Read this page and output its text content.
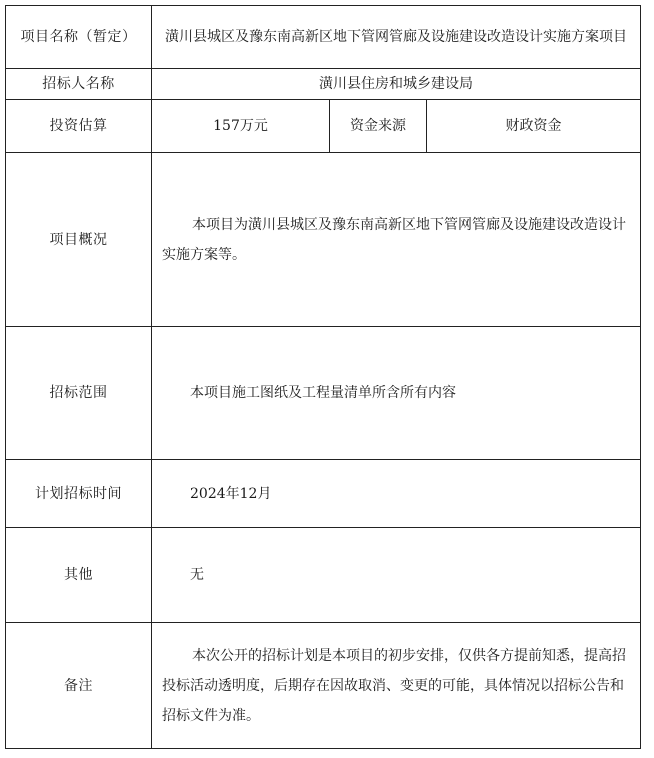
项目名称（暂定）	潢川县城区及豫东南高新区地下管网管廊及设施建设改造设计实施方案项目		
招标人名称	潢川县住房和城乡建设局		
投资估算	157万元	资金来源	财政资金
项目概况	本项目为潢川县城区及豫东南高新区地下管网管廊及设施建设改造设计实施方案等。		
招标范围	本项目施工图纸及工程量清单所含所有内容		
计划招标时间	2024年12月		
其他	无		
备注	本次公开的招标计划是本项目的初步安排，仅供各方提前知悉，提高招投标活动透明度，后期存在因故取消、变更的可能，具体情况以招标公告和招标文件为准。		
